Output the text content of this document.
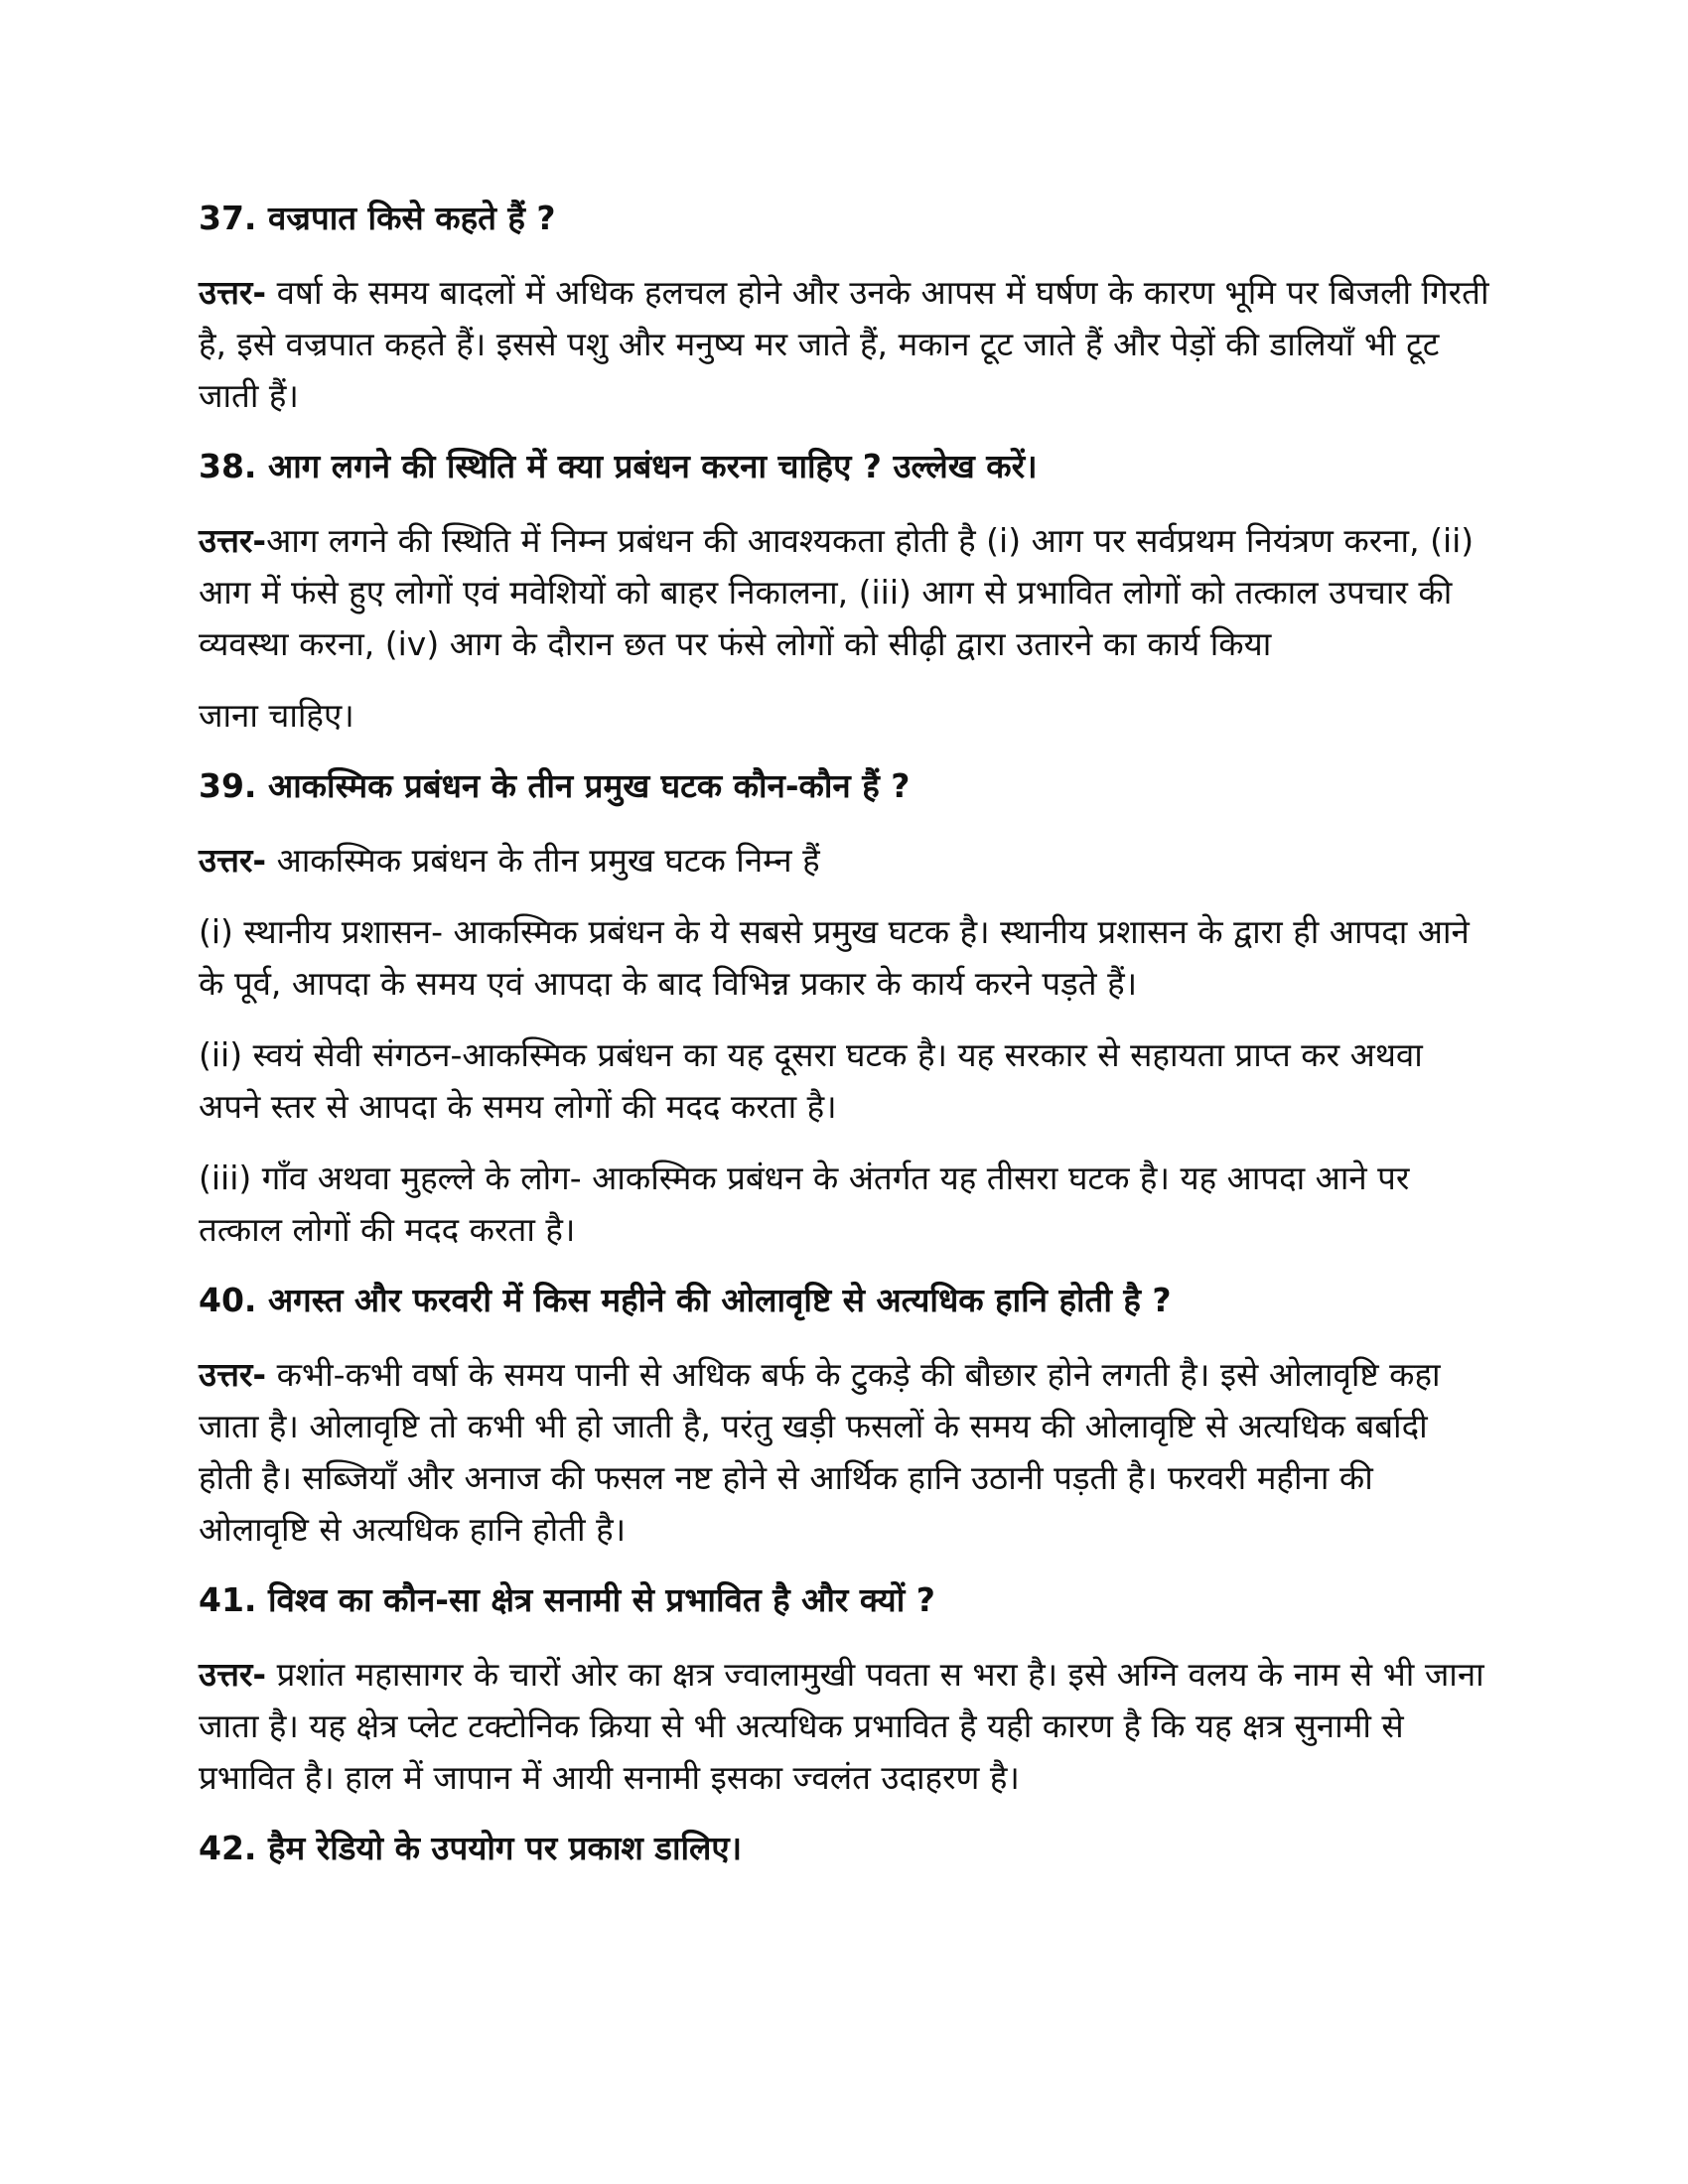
37. वज्रपात किसे कहते हैं ?
उत्तर- वर्षा के समय बादलों में अधिक हलचल होने और उनके आपस में घर्षण के कारण भूमि पर बिजली गिरती है, इसे वज्रपात कहते हैं। इससे पशु और मनुष्य मर जाते हैं, मकान टूट जाते हैं और पेड़ों की डालियाँ भी टूट जाती हैं।
38. आग लगने की स्थिति में क्या प्रबंधन करना चाहिए ? उल्लेख करें।
उत्तर-आग लगने की स्थिति में निम्न प्रबंधन की आवश्यकता होती है (i) आग पर सर्वप्रथम नियंत्रण करना, (ii) आग में फंसे हुए लोगों एवं मवेशियों को बाहर निकालना, (iii) आग से प्रभावित लोगों को तत्काल उपचार की व्यवस्था करना, (iv) आग के दौरान छत पर फंसे लोगों को सीढ़ी द्वारा उतारने का कार्य किया
जाना चाहिए।
39. आकस्मिक प्रबंधन के तीन प्रमुख घटक कौन-कौन हैं ?
उत्तर- आकस्मिक प्रबंधन के तीन प्रमुख घटक निम्न हैं
(i) स्थानीय प्रशासन- आकस्मिक प्रबंधन के ये सबसे प्रमुख घटक है। स्थानीय प्रशासन के द्वारा ही आपदा आने के पूर्व, आपदा के समय एवं आपदा के बाद विभिन्न प्रकार के कार्य करने पड़ते हैं।
(ii) स्वयं सेवी संगठन-आकस्मिक प्रबंधन का यह दूसरा घटक है। यह सरकार से सहायता प्राप्त कर अथवा अपने स्तर से आपदा के समय लोगों की मदद करता है।
(iii) गाँव अथवा मुहल्ले के लोग- आकस्मिक प्रबंधन के अंतर्गत यह तीसरा घटक है। यह आपदा आने पर तत्काल लोगों की मदद करता है।
40. अगस्त और फरवरी में किस महीने की ओलावृष्टि से अत्यधिक हानि होती है ?
उत्तर- कभी-कभी वर्षा के समय पानी से अधिक बर्फ के टुकड़े की बौछार होने लगती है। इसे ओलावृष्टि कहा जाता है। ओलावृष्टि तो कभी भी हो जाती है, परंतु खड़ी फसलों के समय की ओलावृष्टि से अत्यधिक बर्बादी होती है। सब्जियाँ और अनाज की फसल नष्ट होने से आर्थिक हानि उठानी पड़ती है। फरवरी महीना की ओलावृष्टि से अत्यधिक हानि होती है।
41. विश्व का कौन-सा क्षेत्र सनामी से प्रभावित है और क्यों ?
उत्तर- प्रशांत महासागर के चारों ओर का क्षत्र ज्वालामुखी पवता स भरा है। इसे अग्नि वलय के नाम से भी जाना जाता है। यह क्षेत्र प्लेट टक्टोनिक क्रिया से भी अत्यधिक प्रभावित है यही कारण है कि यह क्षत्र सुनामी से प्रभावित है। हाल में जापान में आयी सनामी इसका ज्वलंत उदाहरण है।
42. हैम रेडियो के उपयोग पर प्रकाश डालिए।
